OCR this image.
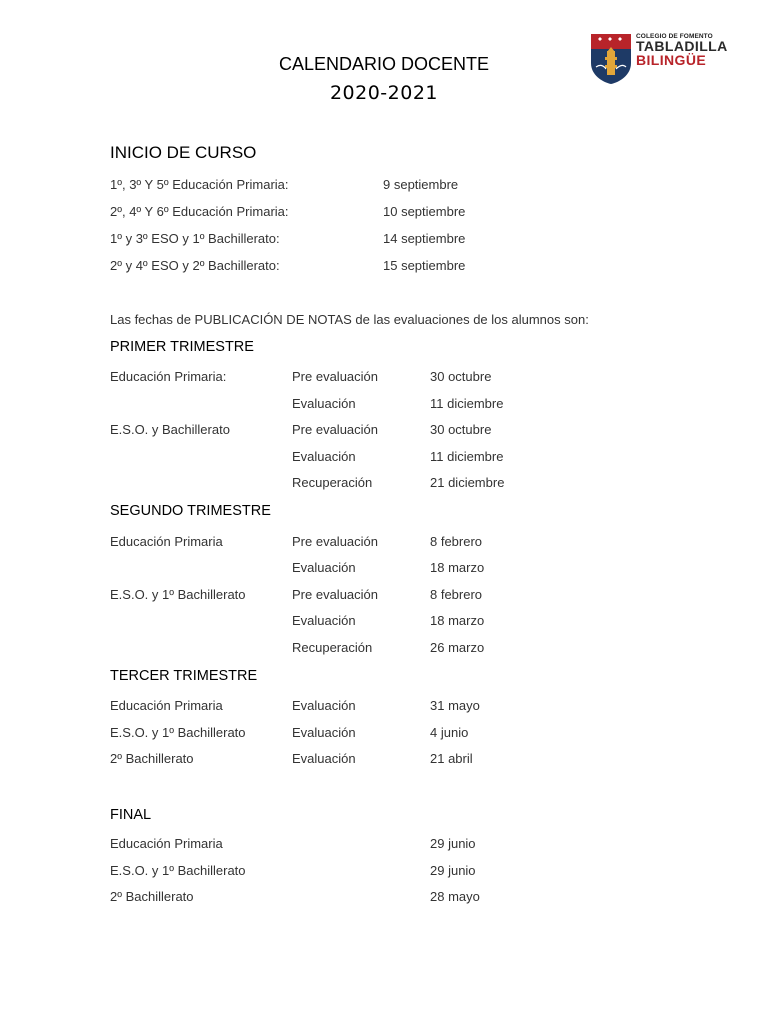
CALENDARIO DOCENTE
2020-2021
COLEGIO DE FOMENTO
TABLADILLA
BILINGÜE
INICIO DE CURSO
1º, 3º Y 5º Educación Primaria:	9 septiembre
2º, 4º Y 6º Educación Primaria:	10 septiembre
1º y 3º ESO y 1º Bachillerato:	14 septiembre
2º y 4º ESO y 2º Bachillerato:	15 septiembre
Las fechas de PUBLICACIÓN DE NOTAS de las evaluaciones de los alumnos son:
PRIMER TRIMESTRE
Educación Primaria:	Pre evaluación	30 octubre
Evaluación	11 diciembre
E.S.O. y Bachillerato	Pre evaluación	30 octubre
Evaluación	11 diciembre
Recuperación	21 diciembre
SEGUNDO TRIMESTRE
Educación Primaria	Pre evaluación	8 febrero
Evaluación	18 marzo
E.S.O. y 1º Bachillerato	Pre evaluación	8 febrero
Evaluación	18 marzo
Recuperación	26 marzo
TERCER TRIMESTRE
Educación Primaria	Evaluación	31 mayo
E.S.O. y 1º Bachillerato	Evaluación	4 junio
2º Bachillerato	Evaluación	21 abril
FINAL
Educación Primaria	29 junio
E.S.O. y 1º Bachillerato	29 junio
2º Bachillerato	28 mayo
